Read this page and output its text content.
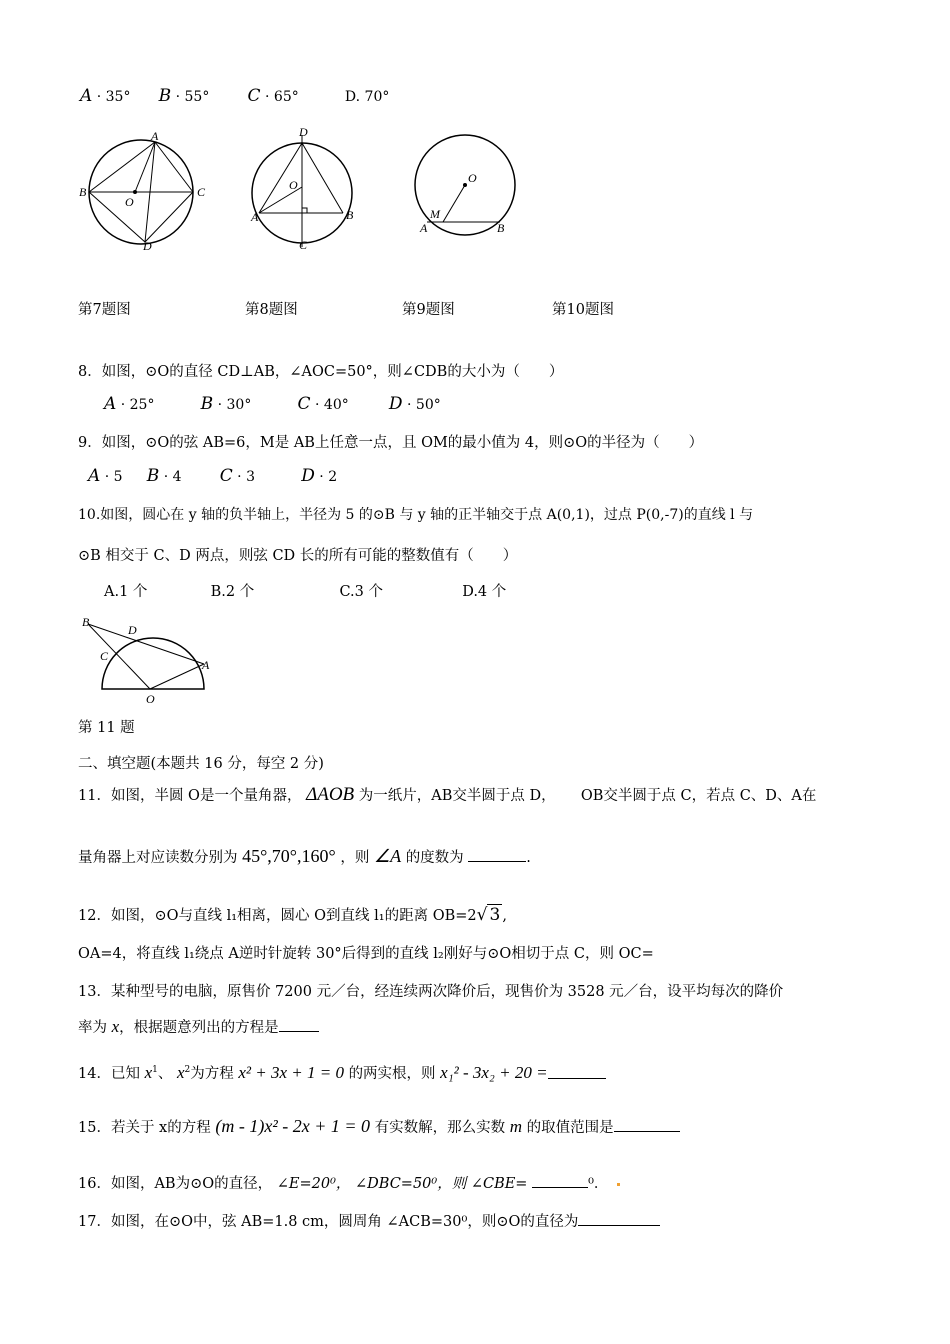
A · 35° B · 55° C · 65°	D. 70°
A
B
O
C
D
D
O
A	B
C
O
M
A	B
第7题图	第8题图	第9题图	第10题图
8．如图，⊙O的直径 CD⊥AB，∠AOC=50°，则∠CDB的大小为（　　）
A · 25°	B · 30°	C · 40° D · 50°
9．如图，⊙O的弦 AB=6，M是 AB上任意一点，且 OM的最小值为 4，则⊙O的半径为（　　）
A · 5 B · 4 C · 3	D · 2
10.如图，圆心在 y 轴的负半轴上，半径为 5 的⊙B 与 y 轴的正半轴交于点 A(0,1)，过点 P(0,-7)的直线 l 与
⊙B 相交于 C、D 两点，则弦 CD 长的所有可能的整数值有（　　）
A.1 个	B.2 个	C.3 个	D.4 个
B
D
C
A
O
第 11 题
二、填空题(本题共 16 分，每空 2 分)
11．如图，半圆 O是一个量角器， ΔAOB 为一纸片，AB交半圆于点 D， OB交半圆于点 C，若点 C、D、A在
量角器上对应读数分别为 45°,70°,160° ，则 ∠A 的度数为	.
12．如图，⊙O与直线 l₁相离，圆心 O到直线 l₁的距离 OB=2√ 3 ,
OA=4，将直线 l₁绕点 A逆时针旋转 30°后得到的直线 l₂刚好与⊙O相切于点 C，则 OC=
13．某种型号的电脑，原售价 7200 元／台，经连续两次降价后，现售价为 3528 元／台，设平均每次的降价
率为 x，根据题意列出的方程是
14．已知 $x^1$、 $x^2$为方程 x² + 3x + 1 = 0 的两实根，则 x₁² - 3x₂ + 20 =
15．若关于 x的方程 (m - 1)x² - 2x + 1 = 0 有实数解，那么实数 m 的取值范围是
16．如图，AB为⊙O的直径， ∠E=20⁰， ∠DBC=50⁰，则 ∠CBE=	⁰．
17．如图，在⊙O中，弦 AB=1.8 cm，圆周角 ∠ACB=30⁰，则⊙O的直径为
